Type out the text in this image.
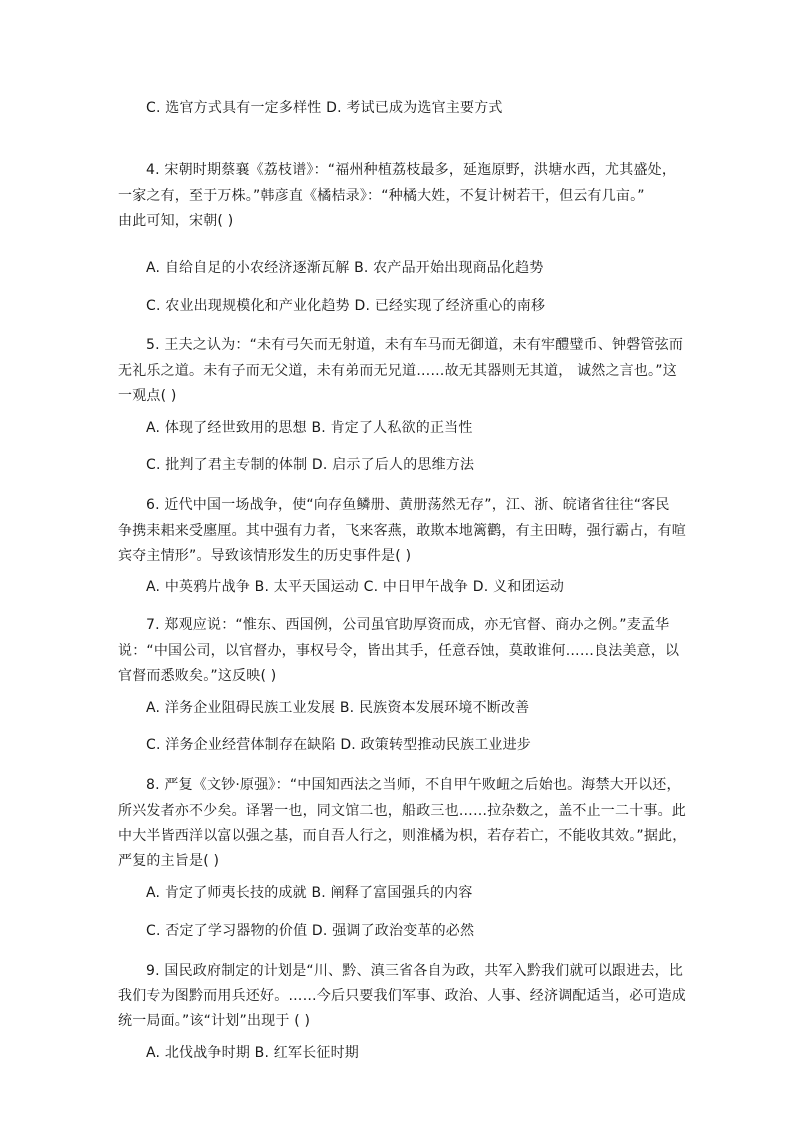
C. 选官方式具有一定多样性 D. 考试已成为选官主要方式
4. 宋朝时期蔡襄《荔枝谱》：“福州种植荔枝最多，延迤原野，洪塘水西，尤其盛处，
一家之有，至于万株。”韩彦直《橘桔录》：“种橘大姓，不复计树若干，但云有几亩。”
由此可知，宋朝( )
A. 自给自足的小农经济逐渐瓦解 B. 农产品开始出现商品化趋势
C. 农业出现规模化和产业化趋势 D. 已经实现了经济重心的南移
5. 王夫之认为：“未有弓矢而无射道，未有车马而无御道，未有牢醴璧币、钟磬管弦而
无礼乐之道。未有子而无父道，未有弟而无兄道……故无其器则无其道， 诚然之言也。”这
一观点( )
A. 体现了经世致用的思想 B. 肯定了人私欲的正当性
C. 批判了君主专制的体制 D. 启示了后人的思维方法
6. 近代中国一场战争，使“向存鱼鳞册、黄册荡然无存”，江、浙、皖诸省往往“客民
争携耒耜来受廛厘。其中强有力者，飞来客燕，敢欺本地篱鹳，有主田畴，强行霸占，有喧
宾夺主情形”。导致该情形发生的历史事件是( )
A. 中英鸦片战争 B. 太平天国运动 C. 中日甲午战争 D. 义和团运动
7. 郑观应说：“惟东、西国例，公司虽官助厚资而成，亦无官督、商办之例。”麦孟华
说：“中国公司，以官督办，事权号令，皆出其手，任意吞蚀，莫敢谁何……良法美意，以
官督而悉败矣。”这反映( )
A. 洋务企业阻碍民族工业发展 B. 民族资本发展环境不断改善
C. 洋务企业经营体制存在缺陷 D. 政策转型推动民族工业进步
8. 严复《文钞·原强》：“中国知西法之当师，不自甲午败衄之后始也。海禁大开以还，
所兴发者亦不少矣。译署一也，同文馆二也，船政三也……拉杂数之，盖不止一二十事。此
中大半皆西洋以富以强之基，而自吾人行之，则淮橘为枳，若存若亡，不能收其效。”据此，
严复的主旨是( )
A. 肯定了师夷长技的成就 B. 阐释了富国强兵的内容
C. 否定了学习器物的价值 D. 强调了政治变革的必然
9. 国民政府制定的计划是“川、黔、滇三省各自为政，共军入黔我们就可以跟进去，比
我们专为图黔而用兵还好。……今后只要我们军事、政治、人事、经济调配适当，必可造成
统一局面。”该“计划”出现于 ( )
A. 北伐战争时期 B. 红军长征时期
